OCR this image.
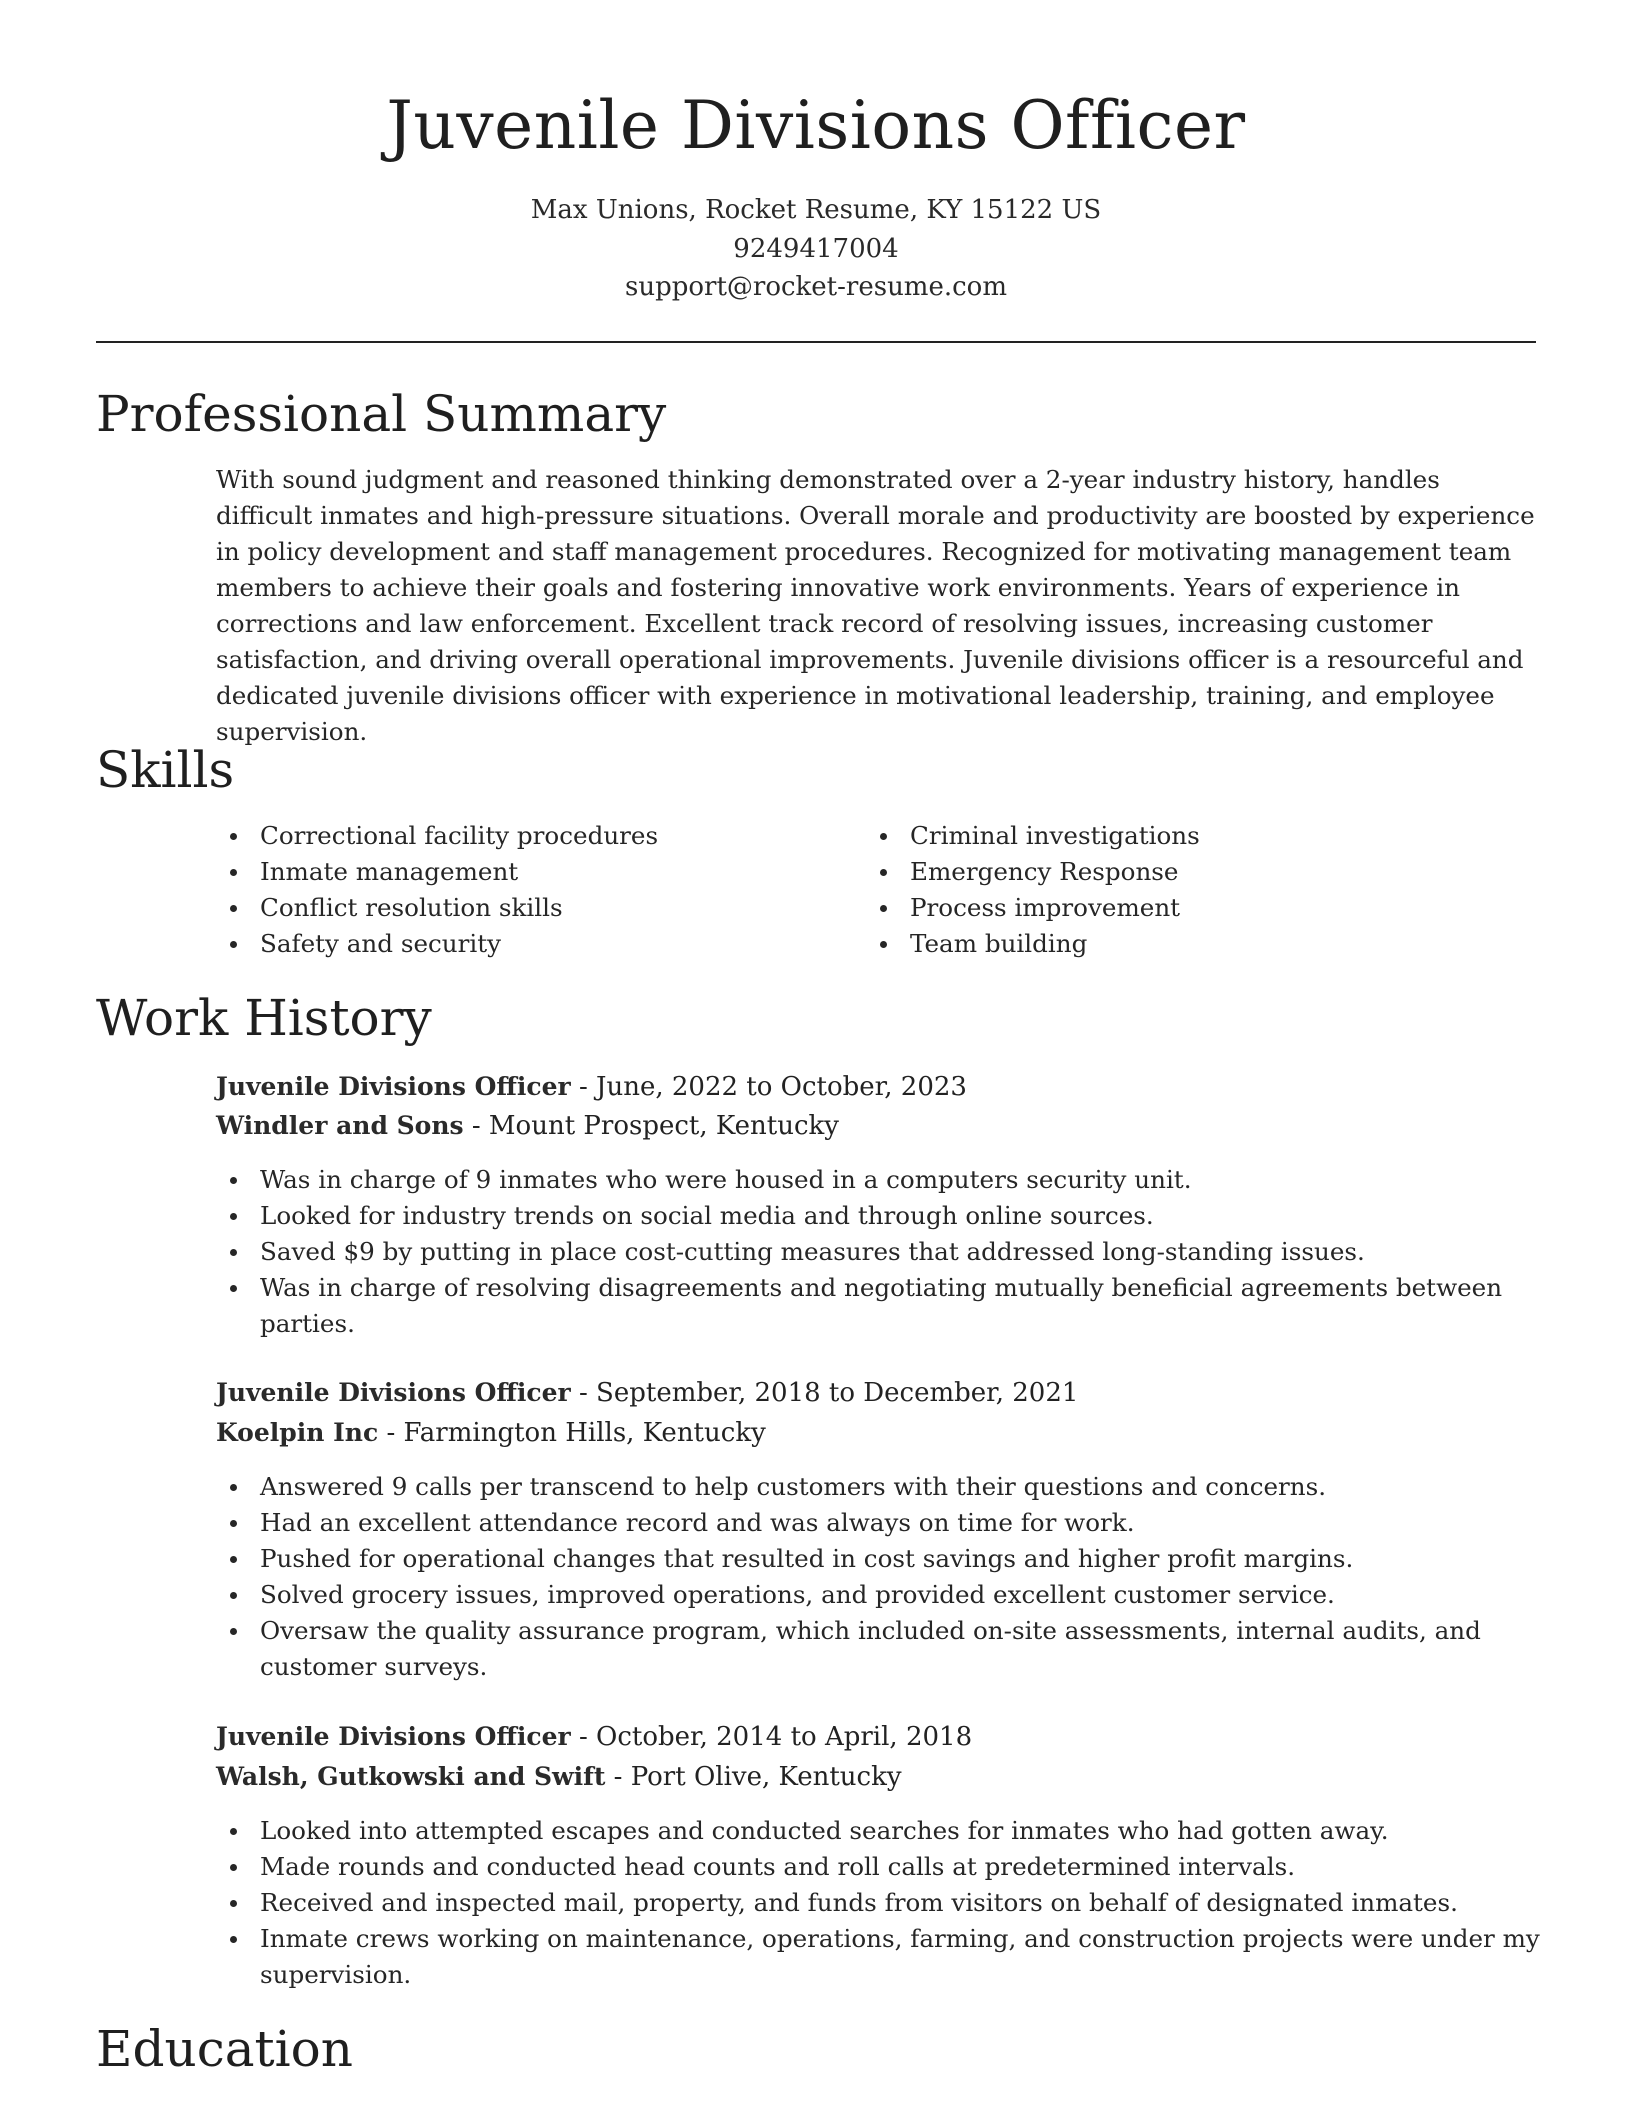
Juvenile Divisions Officer
Max Unions, Rocket Resume, KY 15122 US
9249417004
support@rocket-resume.com
Professional Summary

With sound judgment and reasoned thinking demonstrated over a 2-year industry history, handles difficult inmates and high-pressure situations. Overall morale and productivity are boosted by experience in policy development and staff management procedures. Recognized for motivating management team members to achieve their goals and fostering innovative work environments. Years of experience in corrections and law enforcement. Excellent track record of resolving issues, increasing customer satisfaction, and driving overall operational improvements. Juvenile divisions officer is a resourceful and dedicated juvenile divisions officer with experience in motivational leadership, training, and employee supervision.

Skills
Correctional facility procedures
Inmate management
Conflict resolution skills
Safety and security
Criminal investigations
Emergency Response
Process improvement
Team building
Work History
Juvenile Divisions Officer - June, 2022 to October, 2023
Windler and Sons - Mount Prospect, Kentucky
Was in charge of 9 inmates who were housed in a computers security unit.
Looked for industry trends on social media and through online sources.
Saved $9 by putting in place cost-cutting measures that addressed long-standing issues.
Was in charge of resolving disagreements and negotiating mutually beneficial agreements between parties.
Juvenile Divisions Officer - September, 2018 to December, 2021
Koelpin Inc - Farmington Hills, Kentucky
Answered 9 calls per transcend to help customers with their questions and concerns.
Had an excellent attendance record and was always on time for work.
Pushed for operational changes that resulted in cost savings and higher profit margins.
Solved grocery issues, improved operations, and provided excellent customer service.
Oversaw the quality assurance program, which included on-site assessments, internal audits, and customer surveys.
Juvenile Divisions Officer - October, 2014 to April, 2018
Walsh, Gutkowski and Swift - Port Olive, Kentucky
Looked into attempted escapes and conducted searches for inmates who had gotten away.
Made rounds and conducted head counts and roll calls at predetermined intervals.
Received and inspected mail, property, and funds from visitors on behalf of designated inmates.
Inmate crews working on maintenance, operations, farming, and construction projects were under my supervision.
Education
